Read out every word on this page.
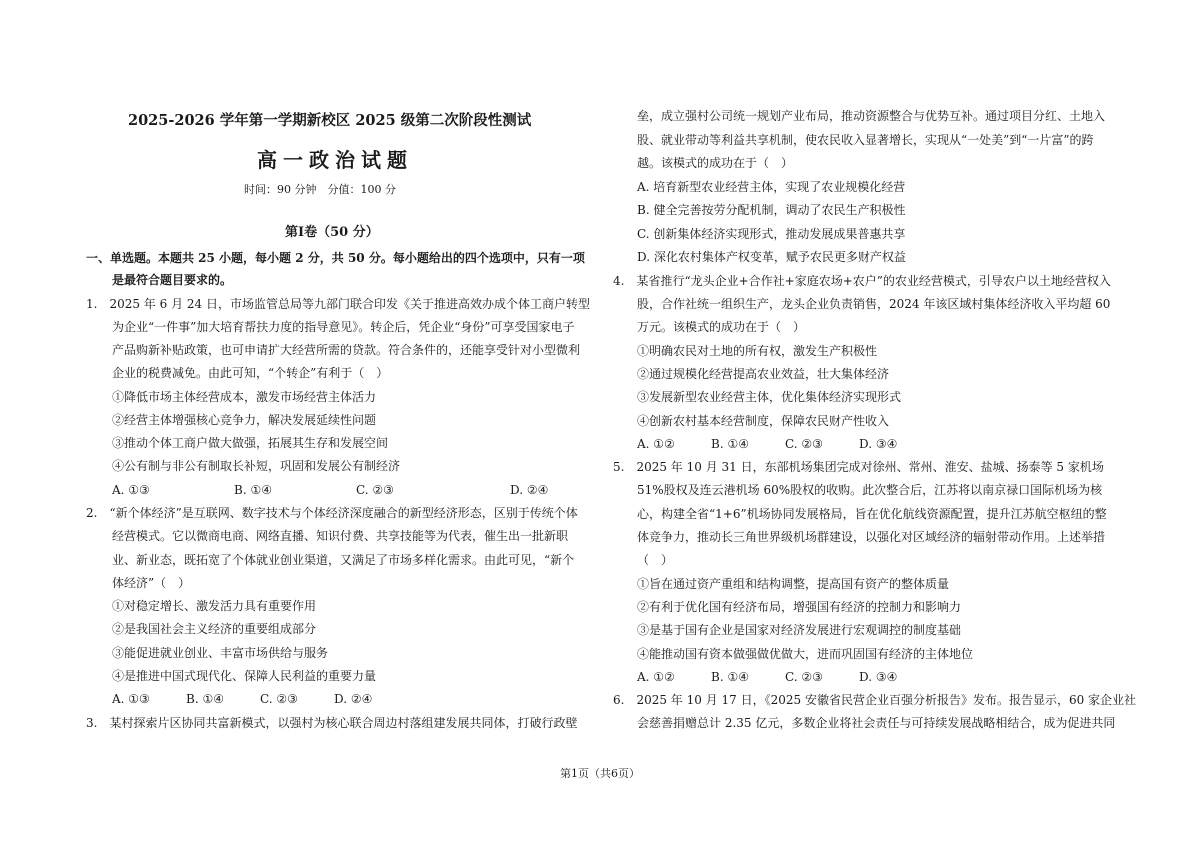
2025-2026 学年第一学期新校区 2025 级第二次阶段性测试
高一政治试题
时间：90 分钟　分值：100 分
第Ⅰ卷（50 分）
一、单选题。本题共 25 小题，每小题 2 分，共 50 分。每小题给出的四个选项中，只有一项
是最符合题目要求的。
1.　2025 年 6 月 24 日，市场监管总局等九部门联合印发《关于推进高效办成个体工商户转型
为企业“一件事”加大培育帮扶力度的指导意见》。转企后，凭企业“身份”可享受国家电子
产品购新补贴政策，也可申请扩大经营所需的贷款。符合条件的，还能享受针对小型微利
企业的税费减免。由此可知，“个转企”有利于（　）
①降低市场主体经营成本，激发市场经营主体活力
②经营主体增强核心竞争力，解决发展延续性问题
③推动个体工商户做大做强，拓展其生存和发展空间
④公有制与非公有制取长补短，巩固和发展公有制经济
A. ①③	B. ①④	C. ②③	D. ②④
2.　“新个体经济”是互联网、数字技术与个体经济深度融合的新型经济形态，区别于传统个体
经营模式。它以微商电商、网络直播、知识付费、共享技能等为代表，催生出一批新职
业、新业态，既拓宽了个体就业创业渠道，又满足了市场多样化需求。由此可见，“新个
体经济”（　）
①对稳定增长、激发活力具有重要作用
②是我国社会主义经济的重要组成部分
③能促进就业创业、丰富市场供给与服务
④是推进中国式现代化、保障人民利益的重要力量
A. ①③	B. ①④	C. ②③	D. ②④
3.　某村探索片区协同共富新模式，以强村为核心联合周边村落组建发展共同体，打破行政壁
垒，成立强村公司统一规划产业布局，推动资源整合与优势互补。通过项目分红、土地入
股、就业带动等利益共享机制，使农民收入显著增长，实现从“一处美”到“一片富”的跨
越。该模式的成功在于（　）
A. 培育新型农业经营主体，实现了农业规模化经营
B. 健全完善按劳分配机制，调动了农民生产积极性
C. 创新集体经济实现形式，推动发展成果普惠共享
D. 深化农村集体产权变革，赋予农民更多财产权益
4.　某省推行“龙头企业+合作社+家庭农场+农户”的农业经营模式，引导农户以土地经营权入
股，合作社统一组织生产，龙头企业负责销售，2024 年该区域村集体经济收入平均超 60
万元。该模式的成功在于（　）
①明确农民对土地的所有权，激发生产积极性
②通过规模化经营提高农业效益，壮大集体经济
③发展新型农业经营主体，优化集体经济实现形式
④创新农村基本经营制度，保障农民财产性收入
A. ①②	B. ①④	C. ②③	D. ③④
5.　2025 年 10 月 31 日，东部机场集团完成对徐州、常州、淮安、盐城、扬泰等 5 家机场
51%股权及连云港机场 60%股权的收购。此次整合后，江苏将以南京禄口国际机场为核
心，构建全省“1+6”机场协同发展格局，旨在优化航线资源配置，提升江苏航空枢纽的整
体竞争力，推动长三角世界级机场群建设，以强化对区域经济的辐射带动作用。上述举措
（　）
①旨在通过资产重组和结构调整，提高国有资产的整体质量
②有利于优化国有经济布局，增强国有经济的控制力和影响力
③是基于国有企业是国家对经济发展进行宏观调控的制度基础
④能推动国有资本做强做优做大，进而巩固国有经济的主体地位
A. ①②	B. ①④	C. ②③	D. ③④
6.　2025 年 10 月 17 日，《2025 安徽省民营企业百强分析报告》发布。报告显示，60 家企业社
会慈善捐赠总计 2.35 亿元，多数企业将社会责任与可持续发展战略相结合，成为促进共同
第1页（共6页）
